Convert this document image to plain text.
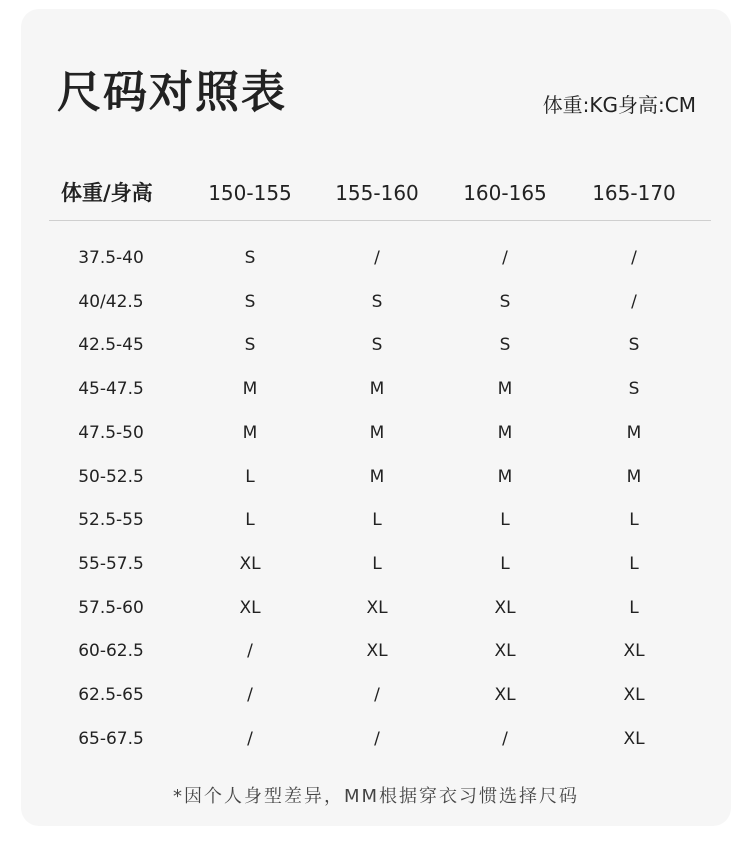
尺码对照表	体重:KG身高:CM
体重/身高	150-155 155-160 160-165 165-170
37.5-40	S	/	/	/
40/42.5	S	S	S	/
42.5-45	S	S	S	S
45-47.5	M	M	M	S
47.5-50	M	M	M	M
50-52.5	L	M	M	M
52.5-55	L	L	L	L
55-57.5	XL	L	L	L
57.5-60	XL	XL	XL	L
60-62.5	/	XL	XL	XL
62.5-65	/	/	XL	XL
65-67.5	/	/	/	XL
*因个人身型差异，MM根据穿衣习惯选择尺码
